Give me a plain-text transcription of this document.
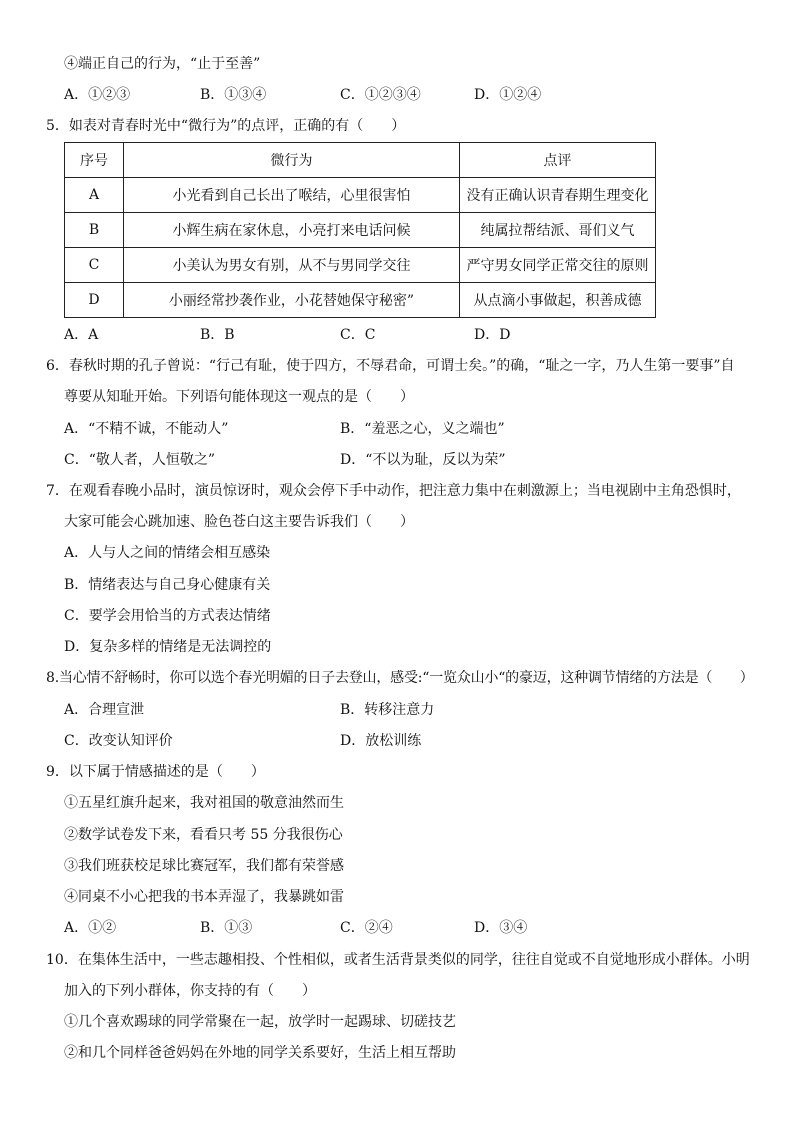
④端正自己的行为，“止于至善”
A．①②③	B．①③④	C．①②③④	D．①②④
5．如表对青春时光中“微行为”的点评，正确的有（　　）
序号	微行为	点评
A	小光看到自己长出了喉结，心里很害怕	没有正确认识青春期生理变化
B	小辉生病在家休息，小亮打来电话问候	纯属拉帮结派、哥们义气
C	小美认为男女有别，从不与男同学交往	严守男女同学正常交往的原则
D	小丽经常抄袭作业，小花替她保守秘密”	从点滴小事做起，积善成德
A．A	B．B	C．C	D．D
6．春秋时期的孔子曾说：“行己有耻，使于四方，不辱君命，可谓士矣。”的确，“耻之一字，乃人生第一要事”自
尊要从知耻开始。下列语句能体现这一观点的是（　　）
A．“不精不诚，不能动人”	B．“羞恶之心，义之端也”
C．“敬人者，人恒敬之”	D．“不以为耻，反以为荣”
7．在观看春晚小品时，演员惊讶时，观众会停下手中动作，把注意力集中在刺激源上；当电视剧中主角恐惧时，
大家可能会心跳加速、脸色苍白这主要告诉我们（　　）
A．人与人之间的情绪会相互感染
B．情绪表达与自己身心健康有关
C．要学会用恰当的方式表达情绪
D．复杂多样的情绪是无法调控的
8.当心情不舒畅时，你可以选个春光明媚的日子去登山，感受:“一览众山小“的豪迈，这种调节情绪的方法是（　　）
A．合理宣泄	B．转移注意力
C．改变认知评价	D．放松训练
9．以下属于情感描述的是（　　）
①五星红旗升起来，我对祖国的敬意油然而生
②数学试卷发下来，看看只考 55 分我很伤心
③我们班获校足球比赛冠军，我们都有荣誉感
④同桌不小心把我的书本弄湿了，我暴跳如雷
A．①②	B．①③	C．②④	D．③④
10．在集体生活中，一些志趣相投、个性相似，或者生活背景类似的同学，往往自觉或不自觉地形成小群体。小明
加入的下列小群体，你支持的有（　　）
①几个喜欢踢球的同学常聚在一起，放学时一起踢球、切磋技艺
②和几个同样爸爸妈妈在外地的同学关系要好，生活上相互帮助
